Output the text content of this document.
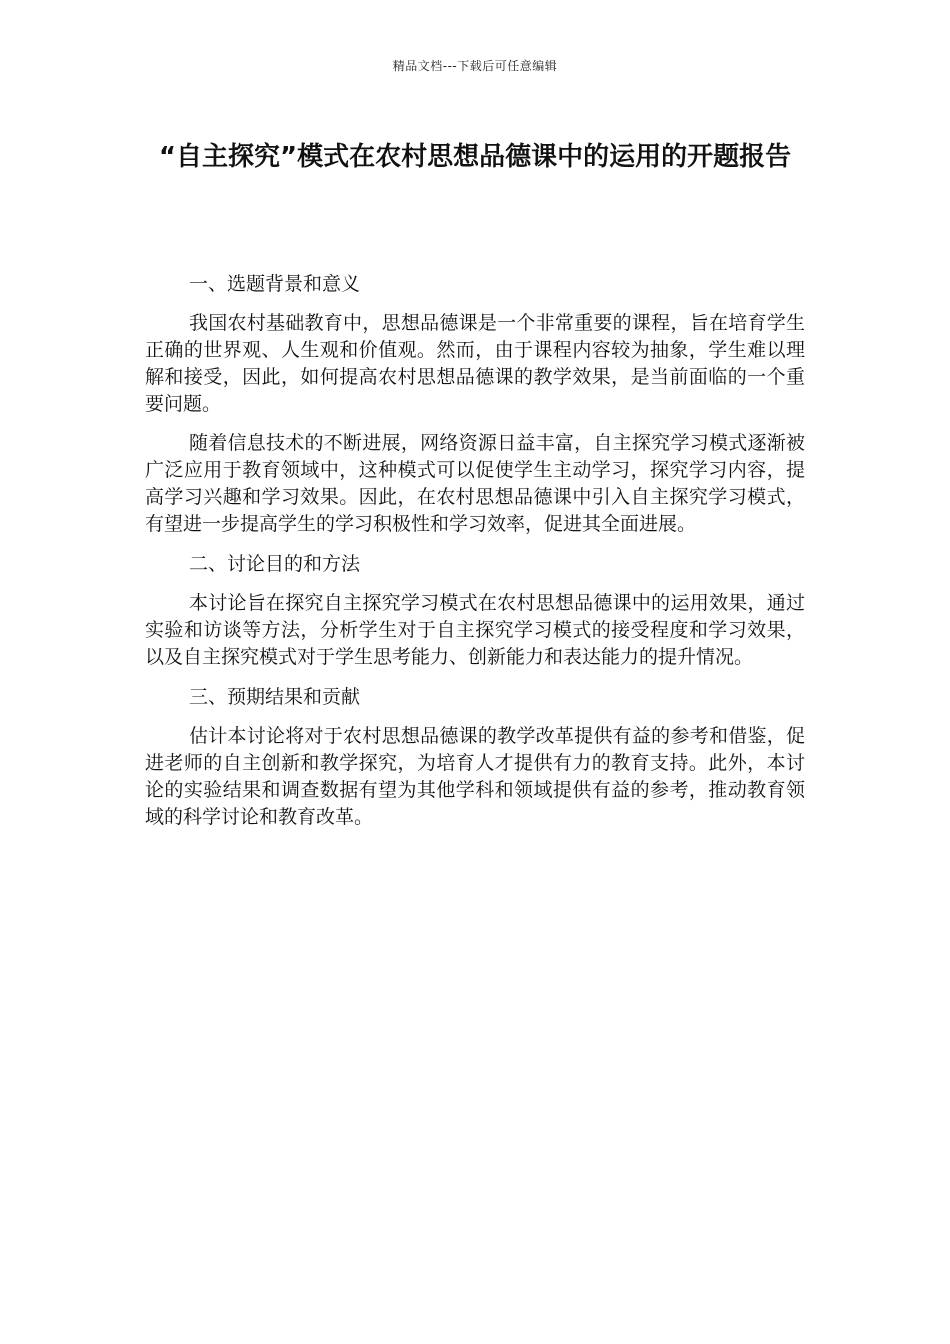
精品文档---下载后可任意编辑
“自主探究”模式在农村思想品德课中的运用的开题报告

一、选题背景和意义

我国农村基础教育中，思想品德课是一个非常重要的课程，旨在培育学生正确的世界观、人生观和价值观。然而，由于课程内容较为抽象，学生难以理解和接受，因此，如何提高农村思想品德课的教学效果，是当前面临的一个重要问题。

随着信息技术的不断进展，网络资源日益丰富，自主探究学习模式逐渐被广泛应用于教育领域中，这种模式可以促使学生主动学习，探究学习内容，提高学习兴趣和学习效果。因此，在农村思想品德课中引入自主探究学习模式，有望进一步提高学生的学习积极性和学习效率，促进其全面进展。

二、讨论目的和方法

本讨论旨在探究自主探究学习模式在农村思想品德课中的运用效果，通过实验和访谈等方法，分析学生对于自主探究学习模式的接受程度和学习效果，以及自主探究模式对于学生思考能力、创新能力和表达能力的提升情况。

三、预期结果和贡献

估计本讨论将对于农村思想品德课的教学改革提供有益的参考和借鉴，促进老师的自主创新和教学探究，为培育人才提供有力的教育支持。此外，本讨论的实验结果和调查数据有望为其他学科和领域提供有益的参考，推动教育领域的科学讨论和教育改革。
